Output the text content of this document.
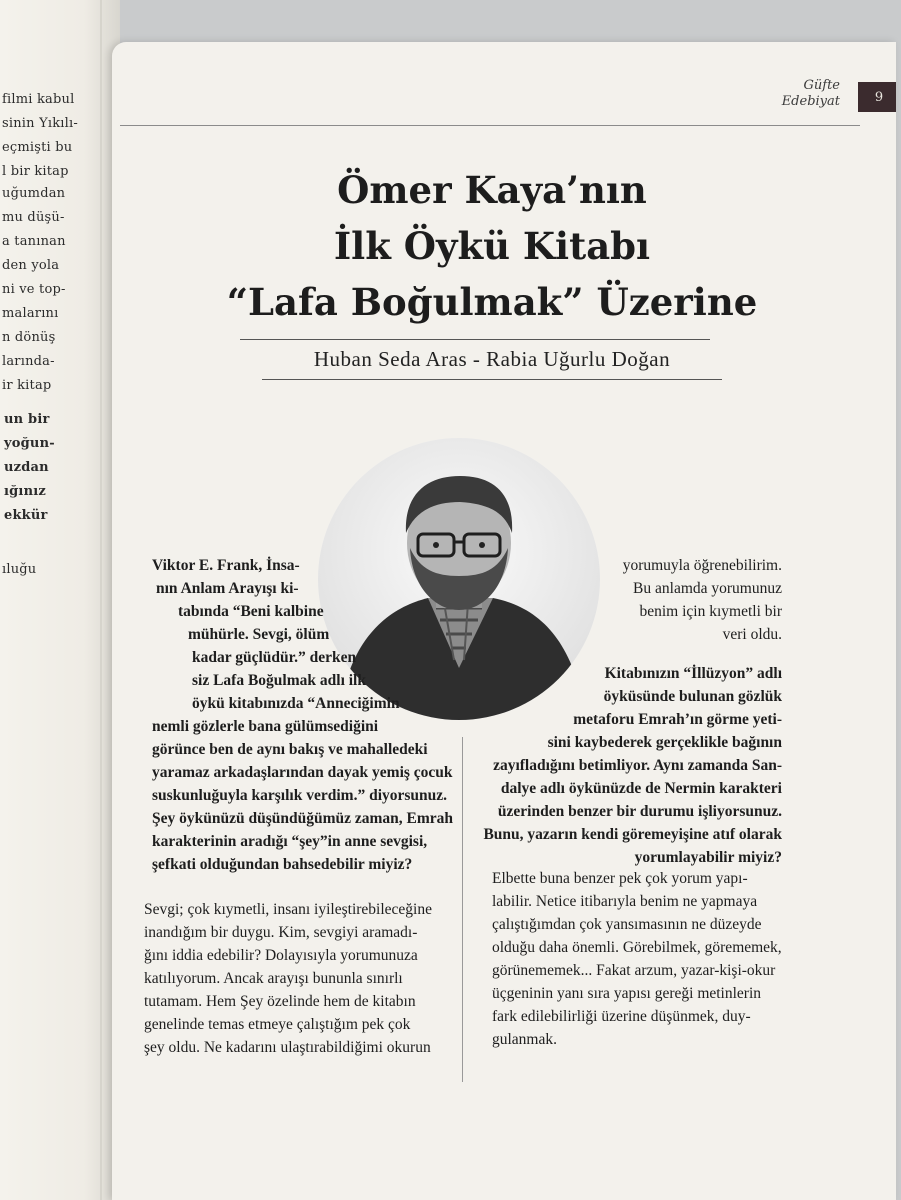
filmi kabul
sinin Yıkılı-
eçmişti bu
l bir kitap
uğumdan
mu düşü-
a tanınan
den yola
ni ve top-
malarını
n dönüş
larında-
ir kitap
un bir
yoğun-
uzdan
ığınız
ekkür
ıluğu
Güfte
Edebiyat	9
Ömer Kaya’nın
İlk Öykü Kitabı
“Lafa Boğulmak” Üzerine
Huban Seda Aras - Rabia Uğurlu Doğan
Viktor E. Frank, İnsa-
nın Anlam Arayışı ki-
tabında “Beni kalbine
mühürle. Sevgi, ölüm
kadar güçlüdür.” derken
siz Lafa Boğulmak adlı ilk
öykü kitabınızda “Anneciğimin
nemli gözlerle bana gülümsediğini
görünce ben de aynı bakış ve mahalledeki
yaramaz arkadaşlarından dayak yemiş çocuk
suskunluğuyla karşılık verdim.” diyorsunuz.
Şey öykünüzü düşündüğümüz zaman, Emrah
karakterinin aradığı “şey”in anne sevgisi,
şefkati olduğundan bahsedebilir miyiz?
Sevgi; çok kıymetli, insanı iyileştirebileceğine
inandığım bir duygu. Kim, sevgiyi aramadı-
ğını iddia edebilir? Dolayısıyla yorumunuza
katılıyorum. Ancak arayışı bununla sınırlı
tutamam. Hem Şey özelinde hem de kitabın
genelinde temas etmeye çalıştığım pek çok
şey oldu. Ne kadarını ulaştırabildiğimi okurun
yorumuyla öğrenebilirim.
Bu anlamda yorumunuz
benim için kıymetli bir
veri oldu.
Kitabınızın “İllüzyon” adlı
öyküsünde bulunan gözlük
metaforu Emrah’ın görme yeti-
sini kaybederek gerçeklikle bağının
zayıfladığını betimliyor. Aynı zamanda San-
dalye adlı öykünüzde de Nermin karakteri
üzerinden benzer bir durumu işliyorsunuz.
Bunu, yazarın kendi göremeyişine atıf olarak
yorumlayabilir miyiz?
Elbette buna benzer pek çok yorum yapı-
labilir. Netice itibarıyla benim ne yapmaya
çalıştığımdan çok yansımasının ne düzeyde
olduğu daha önemli. Görebilmek, görememek,
görünememek... Fakat arzum, yazar-kişi-okur
üçgeninin yanı sıra yapısı gereği metinlerin
fark edilebilirliği üzerine düşünmek, duy-
gulanmak.
